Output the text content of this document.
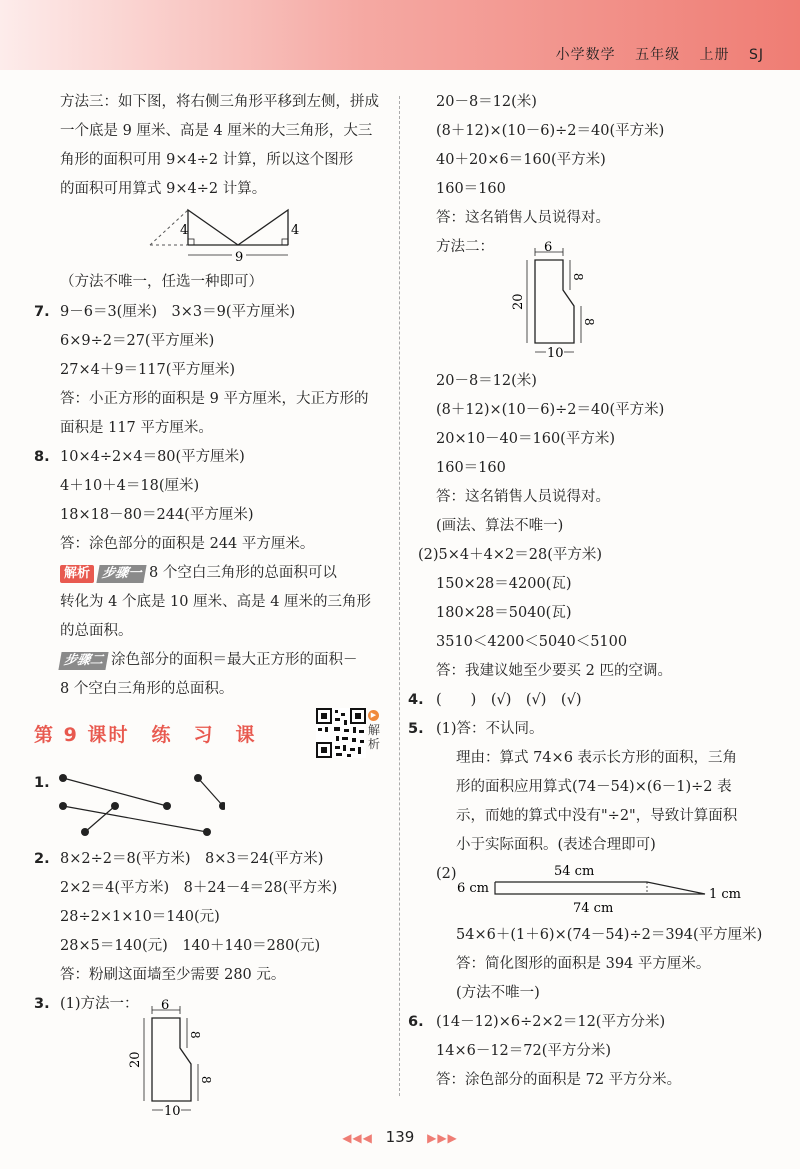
小学数学 五年级 上册 SJ
方法三：如下图，将右侧三角形平移到左侧，拼成
一个底是 9 厘米、高是 4 厘米的大三角形，大三
角形的面积可用 9×4÷2 计算，所以这个图形
的面积可用算式 9×4÷2 计算。
4	4
9
（方法不唯一，任选一种即可）
7. 9－6＝3(厘米)　3×3＝9(平方厘米)
6×9÷2＝27(平方厘米)
27×4＋9＝117(平方厘米)
答：小正方形的面积是 9 平方厘米，大正方形的
面积是 117 平方厘米。
8. 10×4÷2×4＝80(平方厘米)
4＋10＋4＝18(厘米)
18×18－80＝244(平方厘米)
答：涂色部分的面积是 244 平方厘米。
解析 步骤一 8 个空白三角形的总面积可以
转化为 4 个底是 10 厘米、高是 4 厘米的三角形
的总面积。
步骤二 涂色部分的面积＝最大正方形的面积－
8 个空白三角形的总面积。
第 9 课时 练　习　课
▶
解析
1.
2. 8×2÷2＝8(平方米)　8×3＝24(平方米)
2×2＝4(平方米)　8＋24－4＝28(平方米)
28÷2×1×10＝140(元)
28×5＝140(元)　140＋140＝280(元)
答：粉刷这面墙至少需要 280 元。
3. (1)方法一： 6
20
8
8
10
20－8＝12(米)
(8＋12)×(10－6)÷2＝40(平方米)
40＋20×6＝160(平方米)
160＝160
答：这名销售人员说得对。
方法二：	6
20
8
8
10
20－8＝12(米)
(8＋12)×(10－6)÷2＝40(平方米)
20×10－40＝160(平方米)
160＝160
答：这名销售人员说得对。
(画法、算法不唯一)
(2)5×4＋4×2＝28(平方米)
150×28＝4200(瓦)
180×28＝5040(瓦)
3510＜4200＜5040＜5100
答：我建议她至少要买 2 匹的空调。
4. (　　)　(√)　(√)　(√)
5. (1)答：不认同。
理由：算式 74×6 表示长方形的面积，三角
形的面积应用算式(74－54)×(6－1)÷2 表
示，而她的算式中没有"÷2"，导致计算面积
小于实际面积。(表述合理即可)
(2)	54 cm
6 cm	1 cm
74 cm
54×6＋(1＋6)×(74－54)÷2＝394(平方厘米)
答：简化图形的面积是 394 平方厘米。
(方法不唯一)
6. (14－12)×6÷2×2＝12(平方分米)
14×6－12＝72(平方分米)
答：涂色部分的面积是 72 平方分米。
◀◀◀ 139 ▶▶▶
